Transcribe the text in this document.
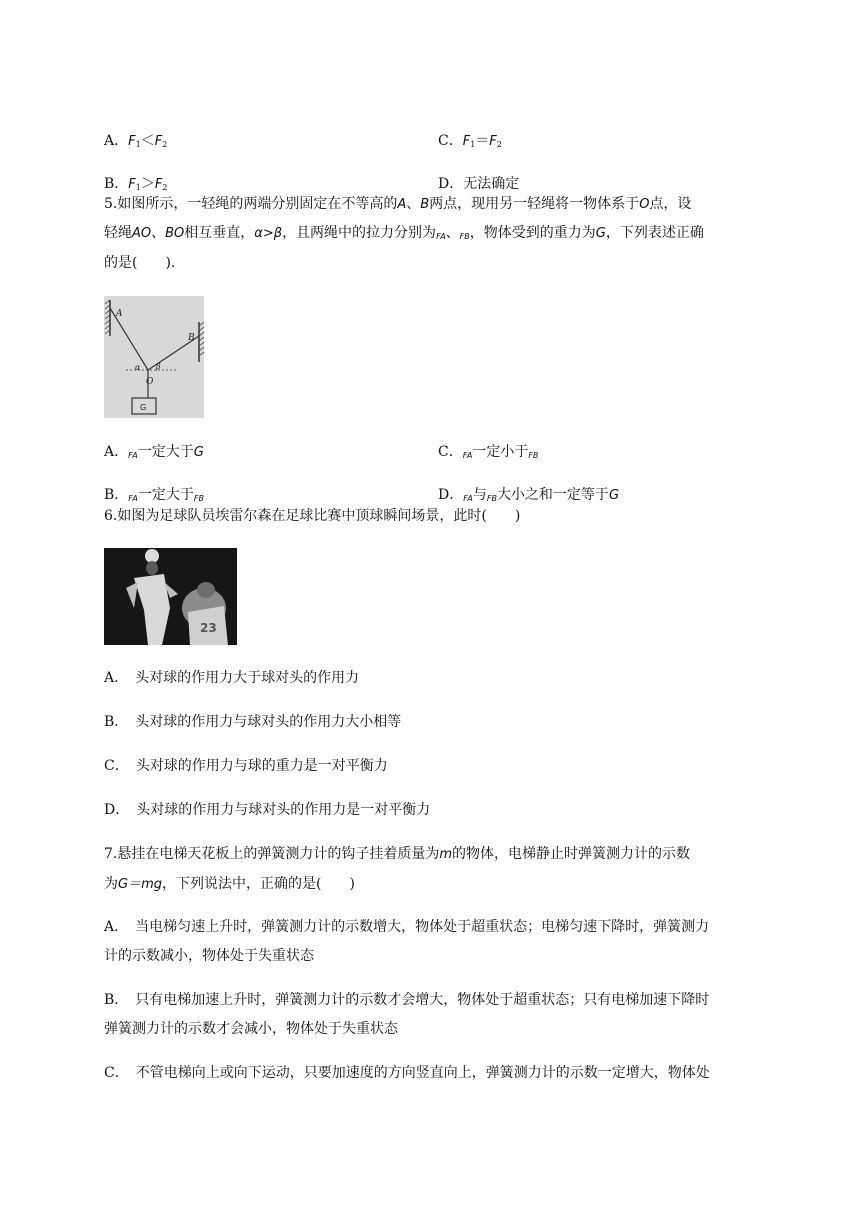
A．$F_1<F_2$	C．$F_1=F_2$
B．$F_1>F_2$	D．无法确定
5.如图所示，一轻绳的两端分别固定在不等高的A、B两点，现用另一轻绳将一物体系于O点，设
轻绳AO、BO相互垂直，α>β，且两绳中的拉力分别为FA、FB，物体受到的重力为G，下列表述正确
的是(　　).
A
B
O
α β
G
A．FA一定大于G	C．FA一定小于FB
B．FA一定大于FB	D．FA与FB大小之和一定等于G
6.如图为足球队员埃雷尔森在足球比赛中顶球瞬间场景，此时(　　)
23
A．　头对球的作用力大于球对头的作用力
B．　头对球的作用力与球对头的作用力大小相等
C．　头对球的作用力与球的重力是一对平衡力
D．　头对球的作用力与球对头的作用力是一对平衡力
7.悬挂在电梯天花板上的弹簧测力计的钩子挂着质量为m的物体，电梯静止时弹簧测力计的示数
为G＝mg，下列说法中，正确的是(　　)
A．　当电梯匀速上升时，弹簧测力计的示数增大，物体处于超重状态；电梯匀速下降时，弹簧测力
计的示数减小，物体处于失重状态
B．　只有电梯加速上升时，弹簧测力计的示数才会增大，物体处于超重状态；只有电梯加速下降时
弹簧测力计的示数才会减小，物体处于失重状态
C．　不管电梯向上或向下运动，只要加速度的方向竖直向上，弹簧测力计的示数一定增大，物体处
